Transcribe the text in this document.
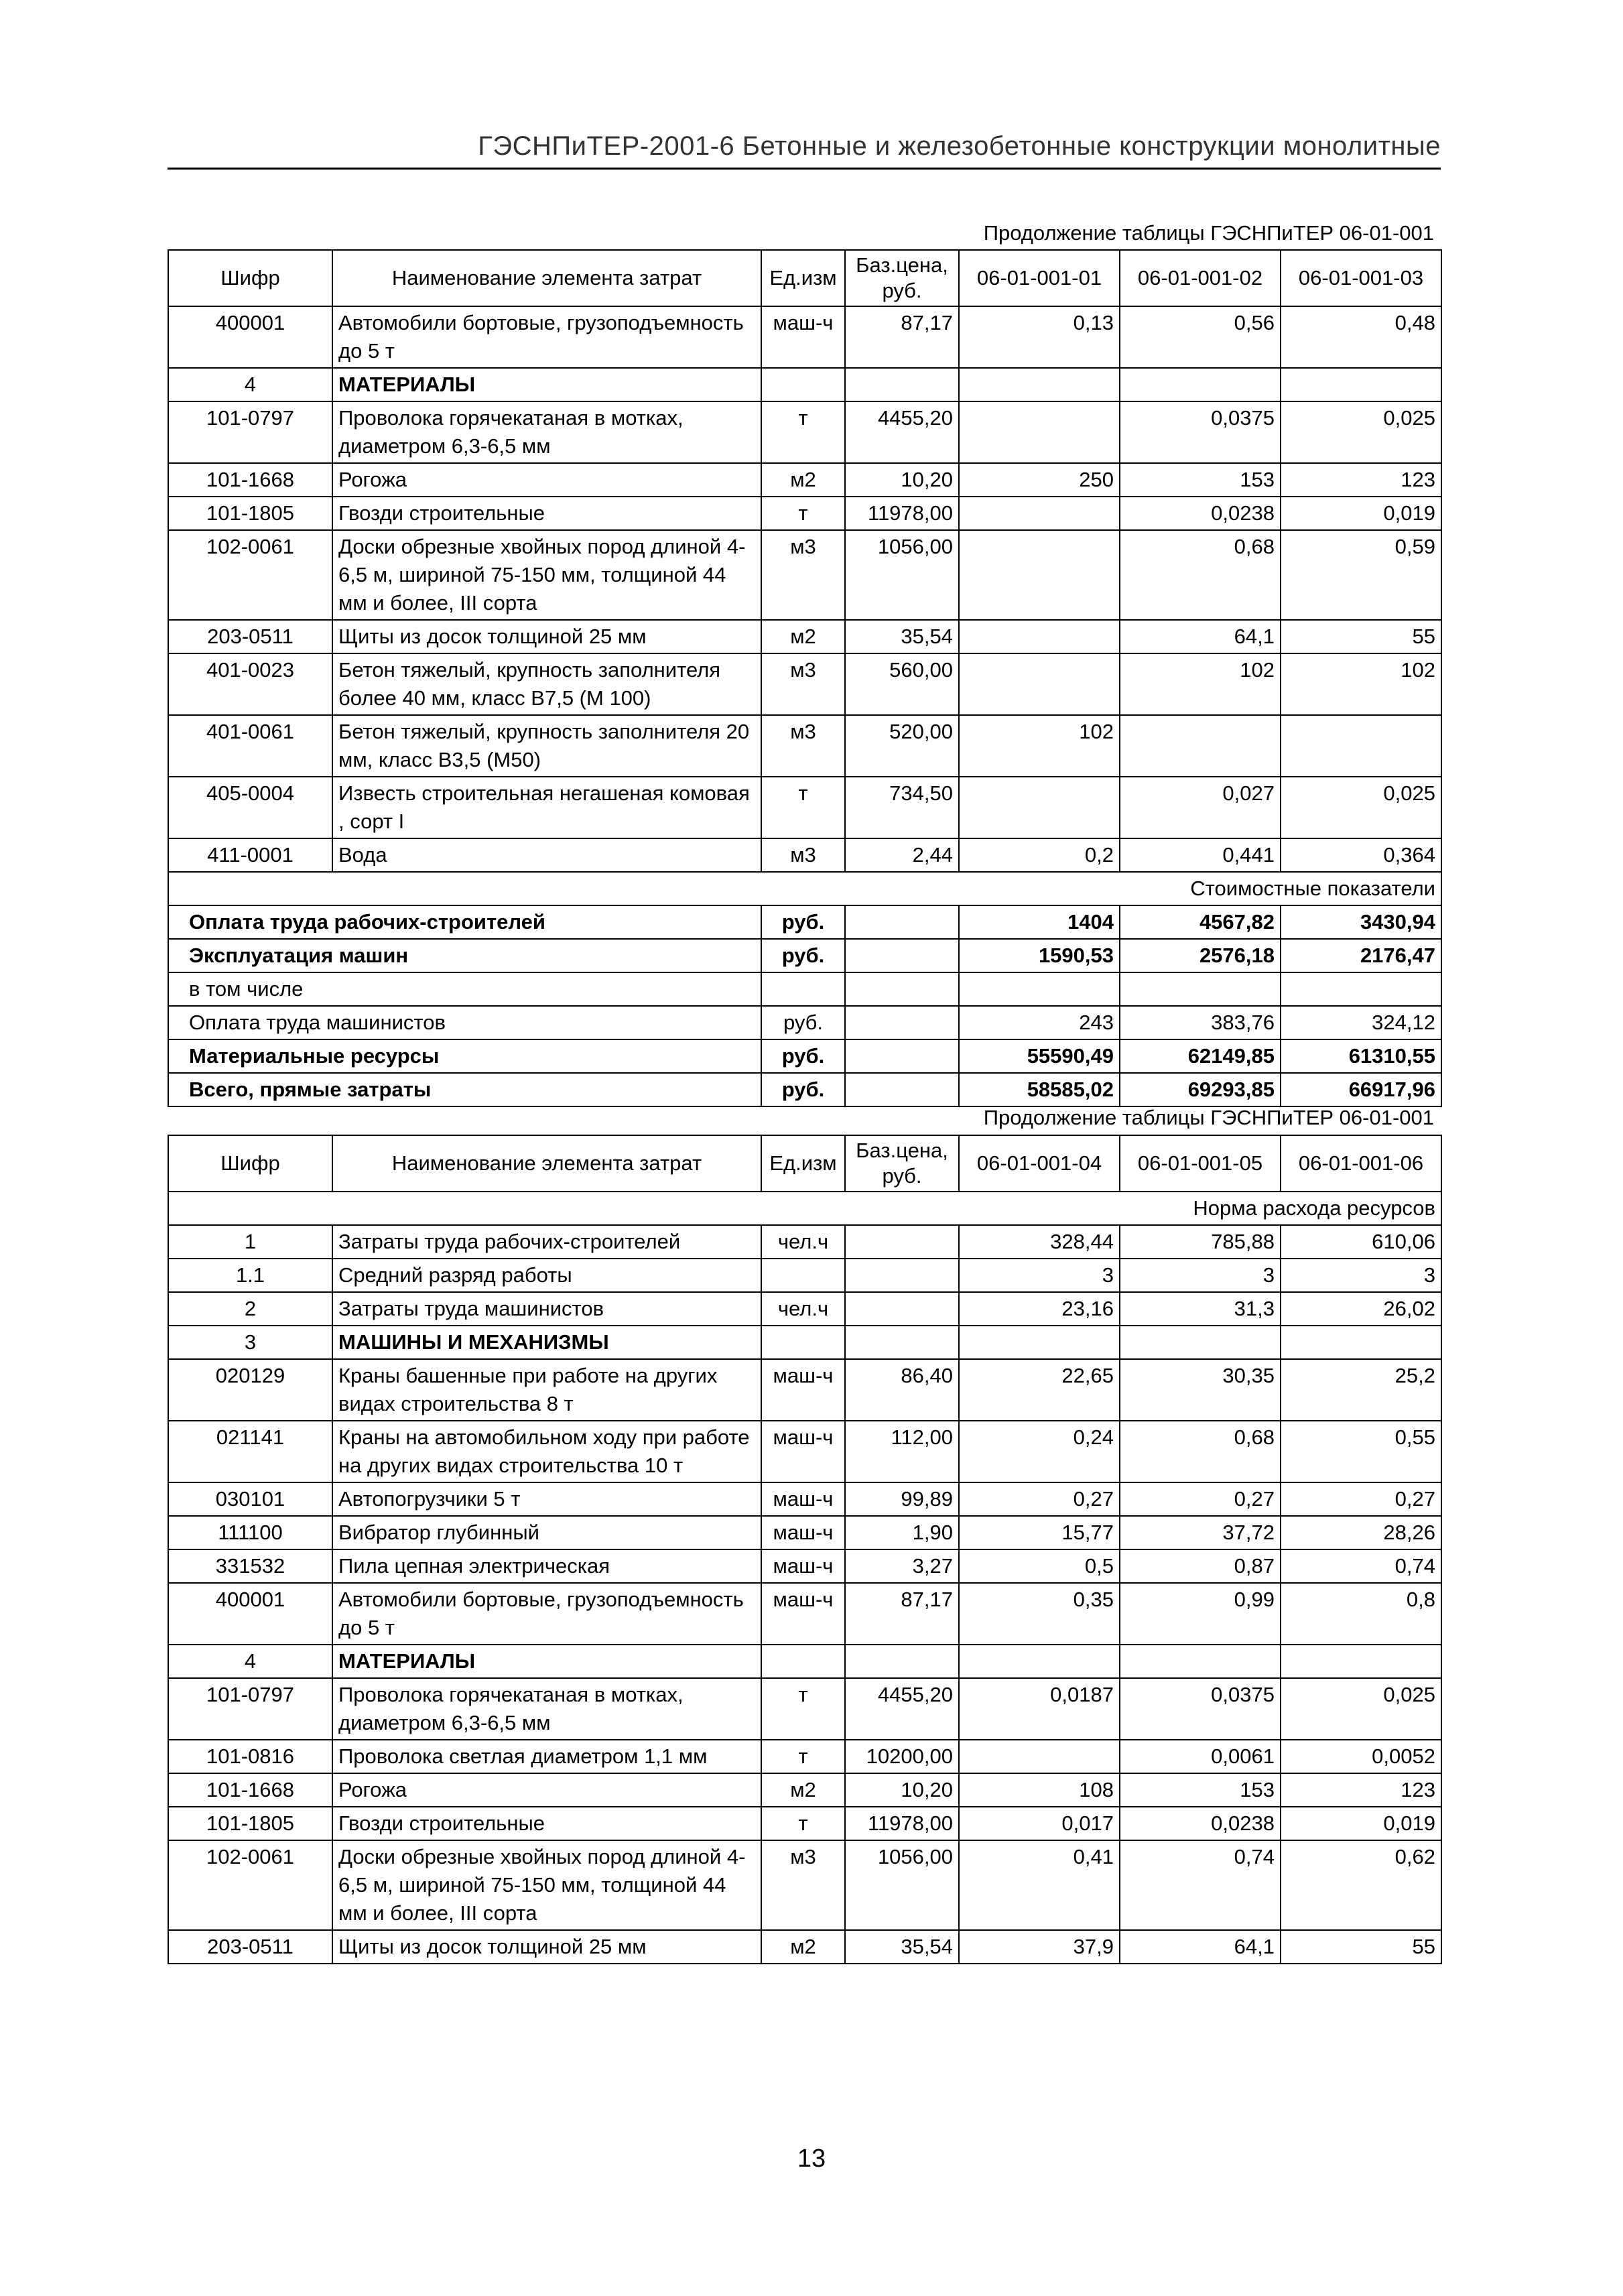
ГЭСНПиТЕР-2001-6 Бетонные и железобетонные конструкции монолитные
Продолжение таблицы ГЭСНПиТЕР 06-01-001
Шифр	Наименование элемента затрат	Ед.изм	Баз.цена, руб.	06-01-001-01	06-01-001-02	06-01-001-03
400001	Автомобили бортовые, грузоподъемность до 5 т	маш-ч	87,17	0,13	0,56	0,48
4	МАТЕРИАЛЫ					
101-0797	Проволока горячекатаная в мотках, диаметром 6,3-6,5 мм	т	4455,20		0,0375	0,025
101-1668	Рогожа	м2	10,20	250	153	123
101-1805	Гвозди строительные	т	11978,00		0,0238	0,019
102-0061	Доски обрезные хвойных пород длиной 4-6,5 м, шириной 75-150 мм, толщиной 44 мм и более, III сорта	м3	1056,00		0,68	0,59
203-0511	Щиты из досок толщиной 25 мм	м2	35,54		64,1	55
401-0023	Бетон тяжелый, крупность заполнителя более 40 мм, класс В7,5 (М 100)	м3	560,00		102	102
401-0061	Бетон тяжелый, крупность заполнителя 20 мм, класс В3,5 (М50)	м3	520,00	102		
405-0004	Известь строительная негашеная комовая , сорт I	т	734,50		0,027	0,025
411-0001	Вода	м3	2,44	0,2	0,441	0,364
Стоимостные показатели						
Оплата труда рабочих-строителей		руб.		1404	4567,82	3430,94
Эксплуатация машин		руб.		1590,53	2576,18	2176,47
в том числе						
Оплата труда машинистов		руб.		243	383,76	324,12
Материальные ресурсы		руб.		55590,49	62149,85	61310,55
Всего, прямые затраты		руб.		58585,02	69293,85	66917,96
Продолжение таблицы ГЭСНПиТЕР 06-01-001
Шифр	Наименование элемента затрат	Ед.изм	Баз.цена, руб.	06-01-001-04	06-01-001-05	06-01-001-06
Норма расхода ресурсов						
1	Затраты труда рабочих-строителей	чел.ч		328,44	785,88	610,06
1.1	Средний разряд работы			3	3	3
2	Затраты труда машинистов	чел.ч		23,16	31,3	26,02
3	МАШИНЫ И МЕХАНИЗМЫ					
020129	Краны башенные при работе на других видах строительства 8 т	маш-ч	86,40	22,65	30,35	25,2
021141	Краны на автомобильном ходу при работе на других видах строительства 10 т	маш-ч	112,00	0,24	0,68	0,55
030101	Автопогрузчики 5 т	маш-ч	99,89	0,27	0,27	0,27
111100	Вибратор глубинный	маш-ч	1,90	15,77	37,72	28,26
331532	Пила цепная электрическая	маш-ч	3,27	0,5	0,87	0,74
400001	Автомобили бортовые, грузоподъемность до 5 т	маш-ч	87,17	0,35	0,99	0,8
4	МАТЕРИАЛЫ					
101-0797	Проволока горячекатаная в мотках, диаметром 6,3-6,5 мм	т	4455,20	0,0187	0,0375	0,025
101-0816	Проволока светлая диаметром 1,1 мм	т	10200,00		0,0061	0,0052
101-1668	Рогожа	м2	10,20	108	153	123
101-1805	Гвозди строительные	т	11978,00	0,017	0,0238	0,019
102-0061	Доски обрезные хвойных пород длиной 4-6,5 м, шириной 75-150 мм, толщиной 44 мм и более, III сорта	м3	1056,00	0,41	0,74	0,62
203-0511	Щиты из досок толщиной 25 мм	м2	35,54	37,9	64,1	55
13
